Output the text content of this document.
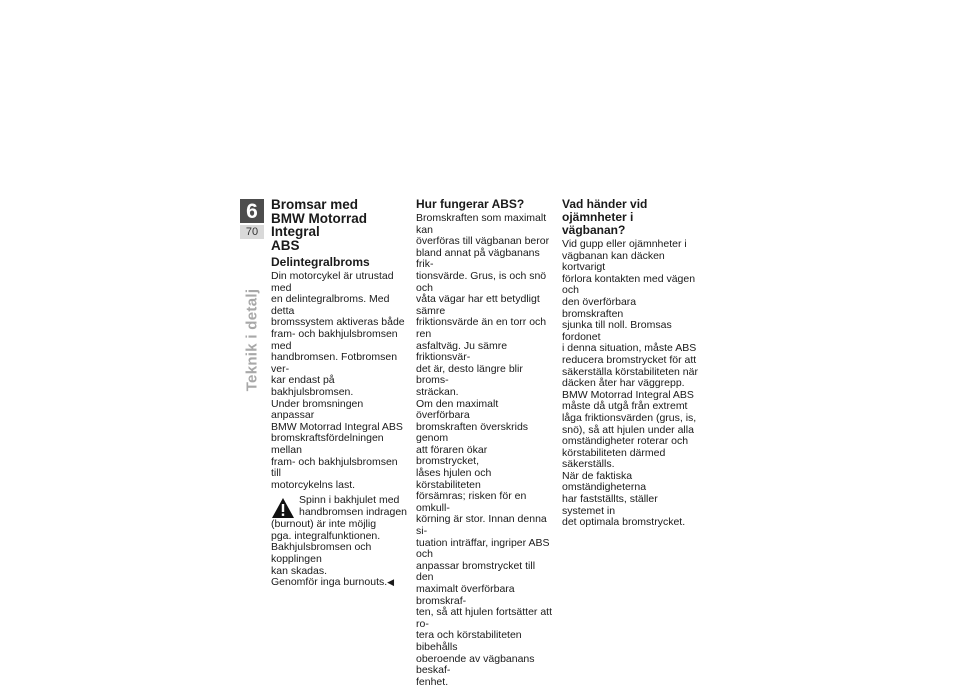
6
70
Teknik i detalj
Bromsar med
BMW Motorrad Integral
ABS
Delintegralbroms

Din motorcykel är utrustad med

en delintegralbroms. Med detta

bromssystem aktiveras både

fram- och bakhjulsbromsen med

handbromsen. Fotbromsen ver-

kar endast på bakhjulsbromsen.

Under bromsningen anpassar

BMW Motorrad Integral ABS

bromskraftsfördelningen mellan

fram- och bakhjulsbromsen till

motorcykelns last.

Spinn i bakhjulet med

handbromsen indragen

(burnout) är inte möjlig

pga. integralfunktionen.

Bakhjulsbromsen och kopplingen

kan skadas.

Genomför inga burnouts.◀

Hur fungerar ABS?

Bromskraften som maximalt kan

överföras till vägbanan beror

bland annat på vägbanans frik-

tionsvärde. Grus, is och snö och

våta vägar har ett betydligt sämre

friktionsvärde än en torr och ren

asfaltväg. Ju sämre friktionsvär-

det är, desto längre blir broms-

sträckan.

Om den maximalt överförbara

bromskraften överskrids genom

att föraren ökar bromstrycket,

låses hjulen och körstabiliteten

försämras; risken för en omkull-

körning är stor. Innan denna si-

tuation inträffar, ingriper ABS och

anpassar bromstrycket till den

maximalt överförbara bromskraf-

ten, så att hjulen fortsätter att ro-

tera och körstabiliteten bibehålls

oberoende av vägbanans beskaf-

fenhet.

Vad händer vid
ojämnheter i vägbanan?

Vid gupp eller ojämnheter i

vägbanan kan däcken kortvarigt

förlora kontakten med vägen och

den överförbara bromskraften

sjunka till noll. Bromsas fordonet

i denna situation, måste ABS

reducera bromstrycket för att

säkerställa körstabiliteten när

däcken åter har väggrepp.

BMW Motorrad Integral ABS

måste då utgå från extremt

låga friktionsvärden (grus, is,

snö), så att hjulen under alla

omständigheter roterar och

körstabiliteten därmed säkerställs.

När de faktiska omständigheterna

har fastställts, ställer systemet in

det optimala bromstrycket.
